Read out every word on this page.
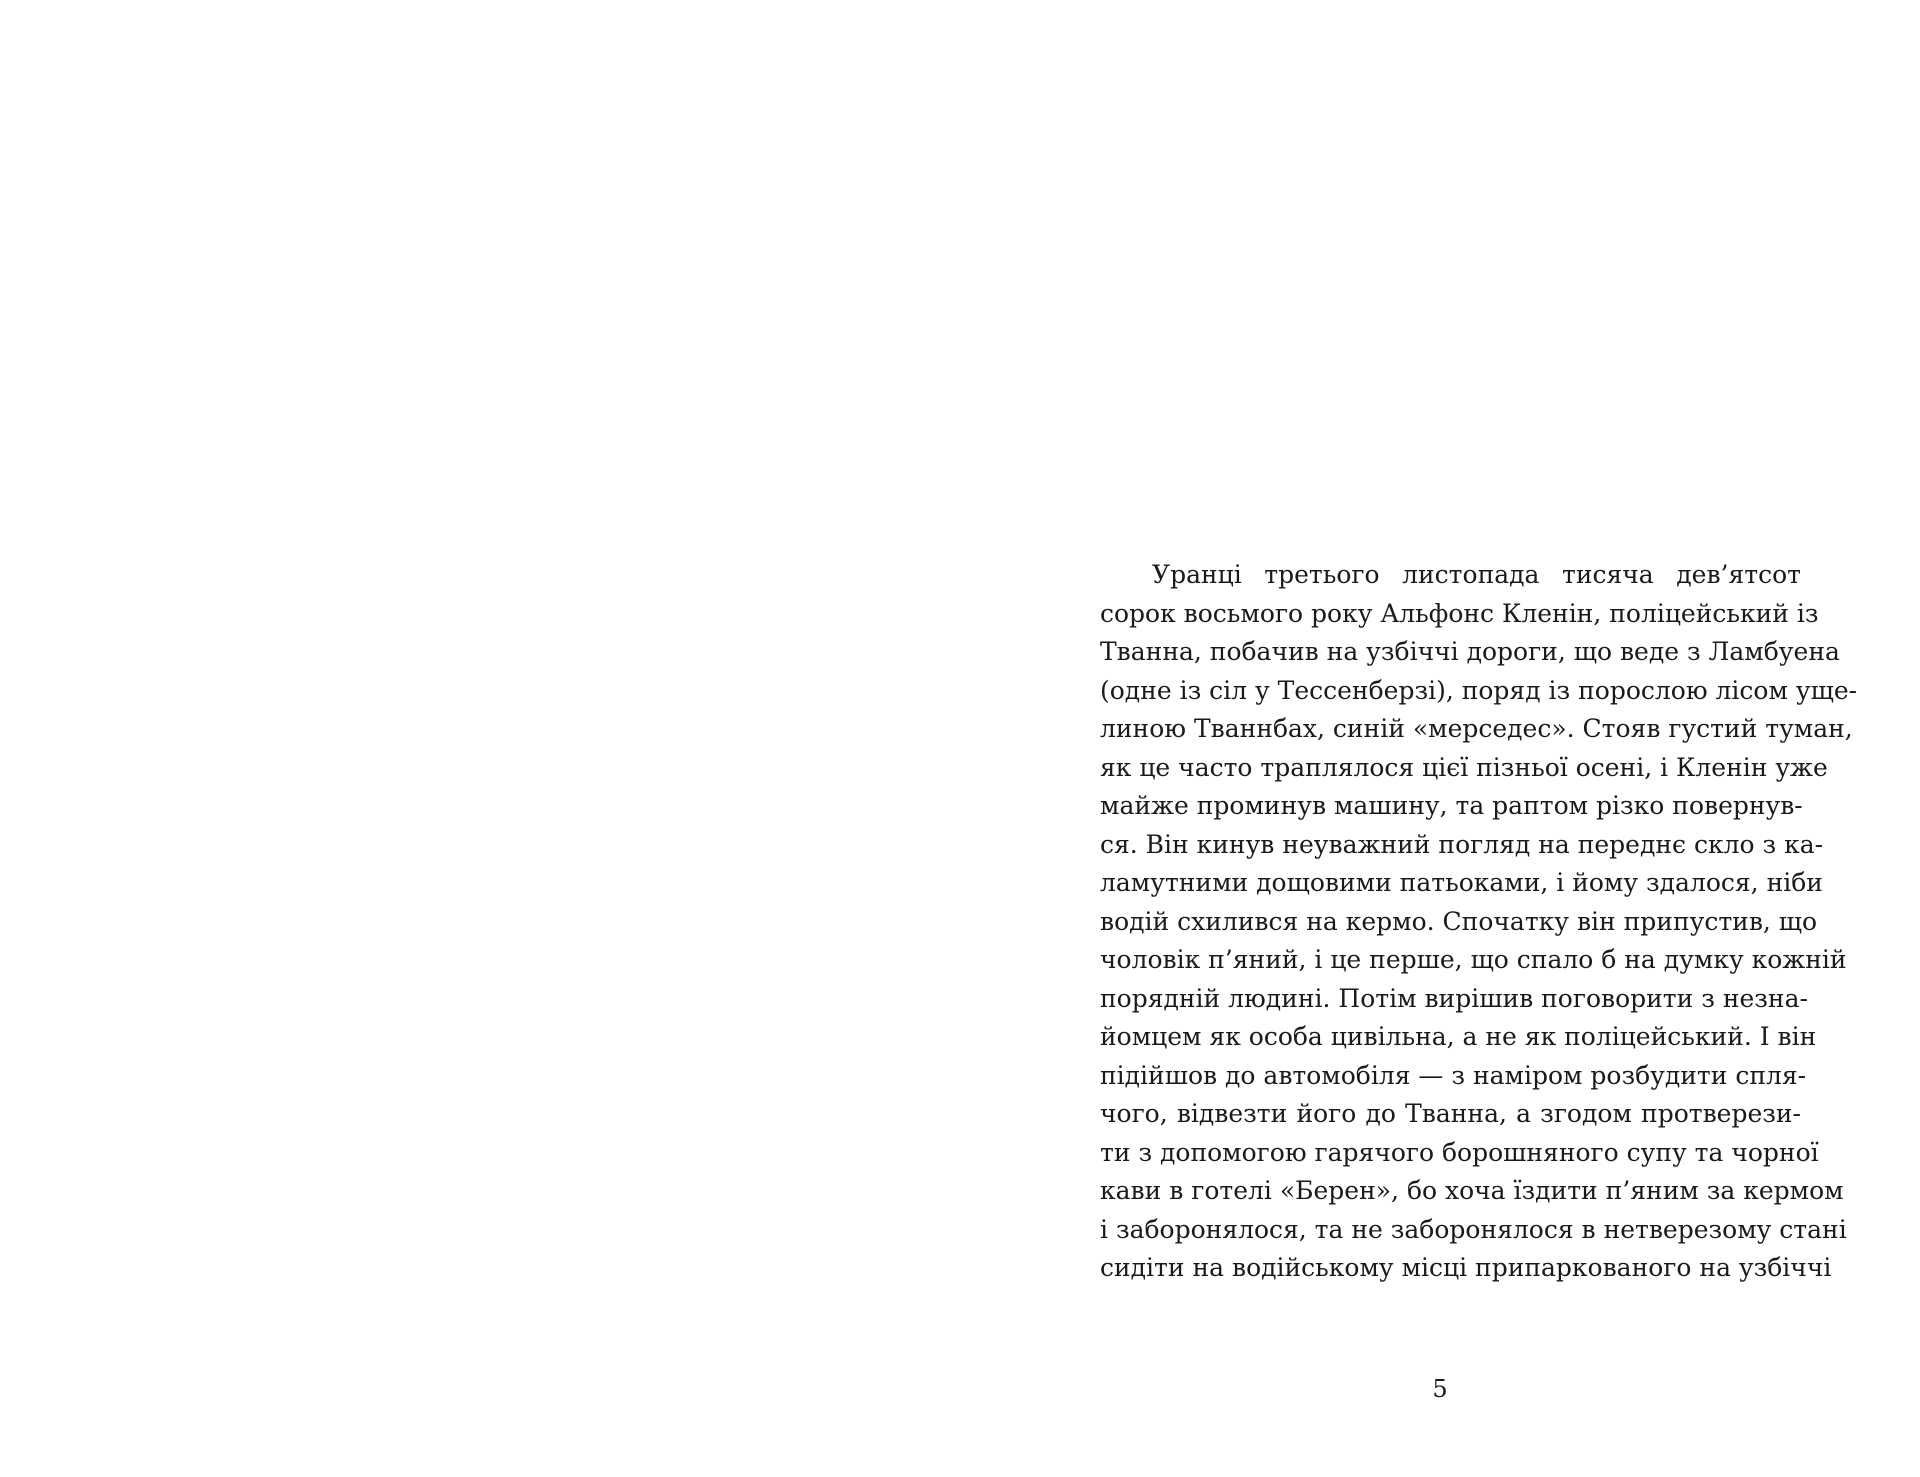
Уранці третього листопада тисяча дев’ятсот
сорок восьмого року Альфонс Кленін, поліцейський із
Тванна, побачив на узбіччі дороги, що веде з Ламбуена
(одне із сіл у Тессенберзі), поряд із порослою лісом уще-
линою Тваннбах, синій «мерседес». Стояв густий туман,
як це часто траплялося цієї пізньої осені, і Кленін уже
майже проминув машину, та раптом різко повернув-
ся. Він кинув неуважний погляд на переднє скло з ка-
ламутними дощовими патьоками, і йому здалося, ніби
водій схилився на кермо. Спочатку він припустив, що
чоловік п’яний, і це перше, що спало б на думку кожній
порядній людині. Потім вирішив поговорити з незна-
йомцем як особа цивільна, а не як поліцейський. І він
підійшов до автомобіля — з наміром розбудити спля-
чого, відвезти його до Тванна, а згодом протверези-
ти з допомогою гарячого борошняного супу та чорної
кави в готелі «Берен», бо хоча їздити п’яним за кермом
і заборонялося, та не заборонялося в нетверезому стані
сидіти на водійському місці припаркованого на узбіччі
5
